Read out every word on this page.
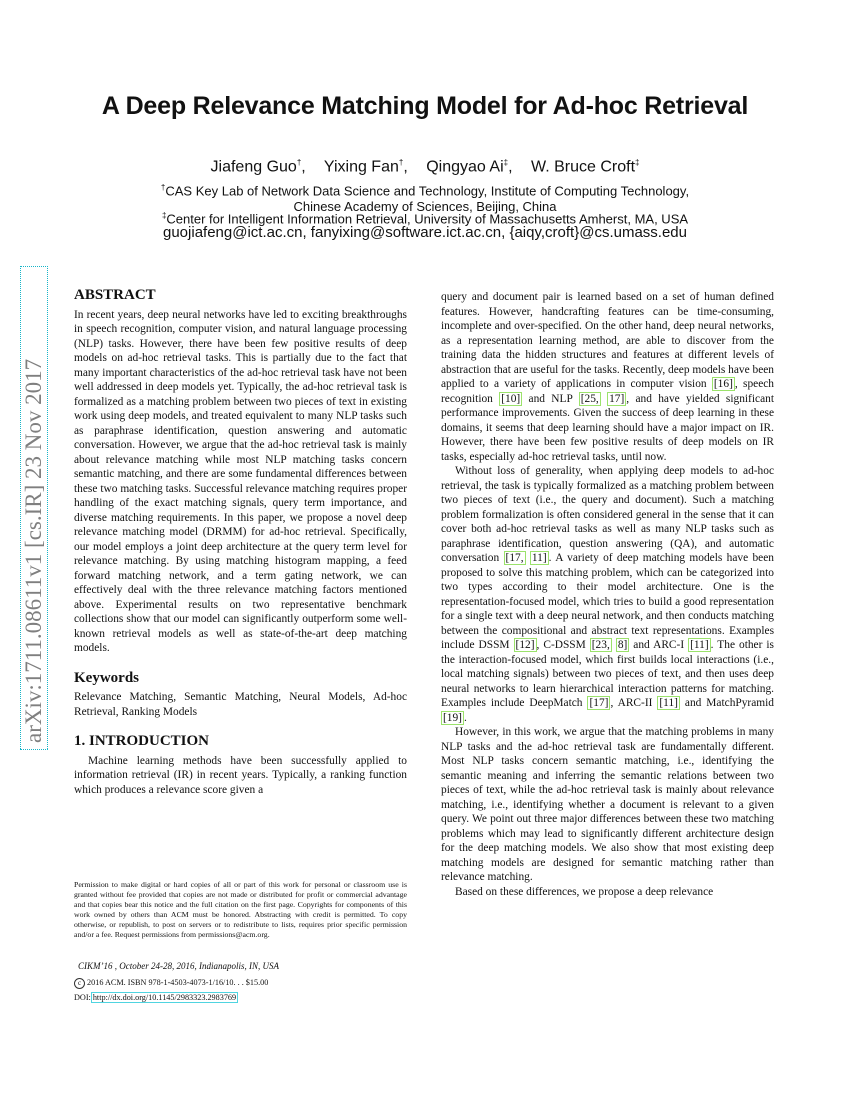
A Deep Relevance Matching Model for Ad-hoc Retrieval
Jiafeng Guo†, Yixing Fan†, Qingyao Ai‡, W. Bruce Croft‡
†CAS Key Lab of Network Data Science and Technology, Institute of Computing Technology,
Chinese Academy of Sciences, Beijing, China
‡Center for Intelligent Information Retrieval, University of Massachusetts Amherst, MA, USA
guojiafeng@ict.ac.cn, fanyixing@software.ict.ac.cn, {aiqy,croft}@cs.umass.edu
arXiv:1711.08611v1 [cs.IR] 23 Nov 2017
ABSTRACT

In recent years, deep neural networks have led to exciting breakthroughs in speech recognition, computer vision, and natural language processing (NLP) tasks. However, there have been few positive results of deep models on ad-hoc retrieval tasks. This is partially due to the fact that many important characteristics of the ad-hoc retrieval task have not been well addressed in deep models yet. Typically, the ad-hoc retrieval task is formalized as a matching problem between two pieces of text in existing work using deep models, and treated equivalent to many NLP tasks such as paraphrase identification, question answering and automatic conversation. However, we argue that the ad-hoc retrieval task is mainly about relevance matching while most NLP matching tasks concern semantic matching, and there are some fundamental differences between these two matching tasks. Successful relevance matching requires proper handling of the exact matching signals, query term importance, and diverse matching requirements. In this paper, we propose a novel deep relevance matching model (DRMM) for ad-hoc retrieval. Specifically, our model employs a joint deep architecture at the query term level for relevance matching. By using matching histogram mapping, a feed forward matching network, and a term gating network, we can effectively deal with the three relevance matching factors mentioned above. Experimental results on two representative benchmark collections show that our model can significantly outperform some well-known retrieval models as well as state-of-the-art deep matching models.

Keywords

Relevance Matching, Semantic Matching, Neural Models, Ad-hoc Retrieval, Ranking Models

1. INTRODUCTION

Machine learning methods have been successfully applied to information retrieval (IR) in recent years. Typically, a ranking function which produces a relevance score given a

Permission to make digital or hard copies of all or part of this work for personal or classroom use is granted without fee provided that copies are not made or distributed for profit or commercial advantage and that copies bear this notice and the full citation on the first page. Copyrights for components of this work owned by others than ACM must be honored. Abstracting with credit is permitted. To copy otherwise, or republish, to post on servers or to redistribute to lists, requires prior specific permission and/or a fee. Request permissions from permissions@acm.org.
CIKM’16 , October 24-28, 2016, Indianapolis, IN, USA
c 2016 ACM. ISBN 978-1-4503-4073-1/16/10. . . $15.00
DOI: http://dx.doi.org/10.1145/2983323.2983769

query and document pair is learned based on a set of human defined features. However, handcrafting features can be time-consuming, incomplete and over-specified. On the other hand, deep neural networks, as a representation learning method, are able to discover from the training data the hidden structures and features at different levels of abstraction that are useful for the tasks. Recently, deep models have been applied to a variety of applications in computer vision [16] , speech recognition [10] and NLP [25, 17] , and have yielded significant performance improvements. Given the success of deep learning in these domains, it seems that deep learning should have a major impact on IR. However, there have been few positive results of deep models on IR tasks, especially ad-hoc retrieval tasks, until now.

Without loss of generality, when applying deep models to ad-hoc retrieval, the task is typically formalized as a matching problem between two pieces of text (i.e., the query and document). Such a matching problem formalization is often considered general in the sense that it can cover both ad-hoc retrieval tasks as well as many NLP tasks such as paraphrase identification, question answering (QA), and automatic conversation [17, 11] . A variety of deep matching models have been proposed to solve this matching problem, which can be categorized into two types according to their model architecture. One is the representation-focused model, which tries to build a good representation for a single text with a deep neural network, and then conducts matching between the compositional and abstract text representations. Examples include DSSM [12] , C-DSSM [23, 8] and ARC-I [11] . The other is the interaction-focused model, which first builds local interactions (i.e., local matching signals) between two pieces of text, and then uses deep neural networks to learn hierarchical interaction patterns for matching. Examples include DeepMatch [17] , ARC-II [11] and MatchPyramid [19] .

However, in this work, we argue that the matching problems in many NLP tasks and the ad-hoc retrieval task are fundamentally different. Most NLP tasks concern semantic matching, i.e., identifying the semantic meaning and inferring the semantic relations between two pieces of text, while the ad-hoc retrieval task is mainly about relevance matching, i.e., identifying whether a document is relevant to a given query. We point out three major differences between these two matching problems which may lead to significantly different architecture design for the deep matching models. We also show that most existing deep matching models are designed for semantic matching rather than relevance matching.

Based on these differences, we propose a deep relevance
